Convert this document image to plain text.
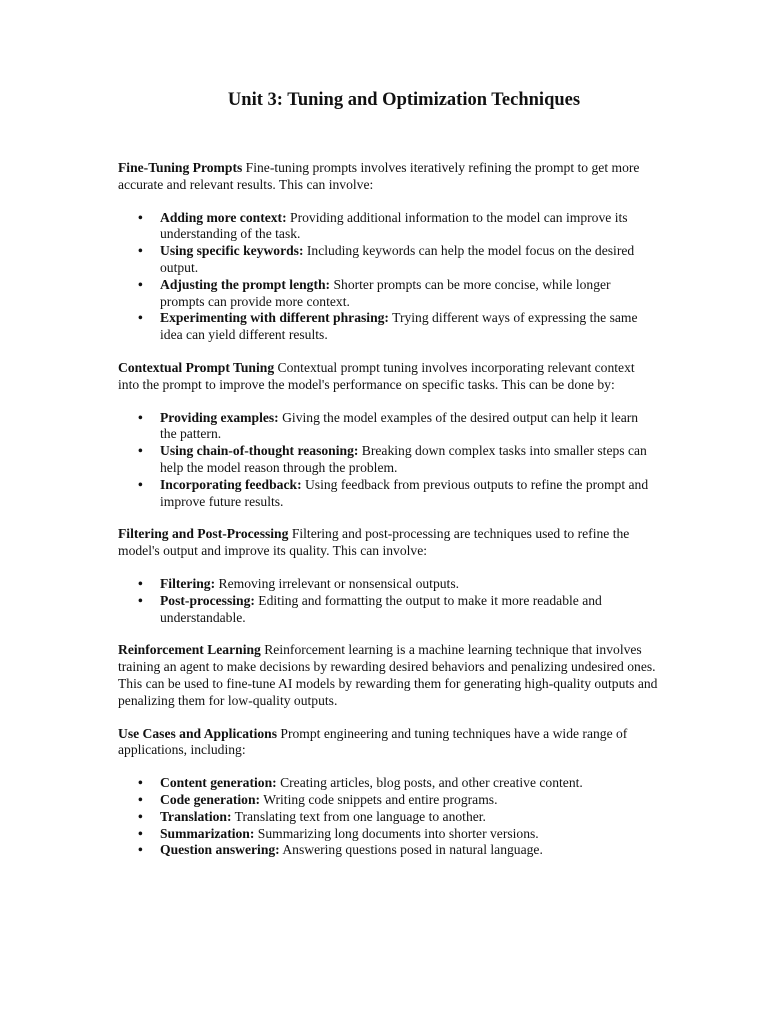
Unit 3: Tuning and Optimization Techniques

Fine-Tuning Prompts Fine-tuning prompts involves iteratively refining the prompt to get more accurate and relevant results. This can involve:

• Adding more context: Providing additional information to the model can improve its understanding of the task.
• Using specific keywords: Including keywords can help the model focus on the desired output.
• Adjusting the prompt length: Shorter prompts can be more concise, while longer prompts can provide more context.
• Experimenting with different phrasing: Trying different ways of expressing the same idea can yield different results.

Contextual Prompt Tuning Contextual prompt tuning involves incorporating relevant context into the prompt to improve the model's performance on specific tasks. This can be done by:

• Providing examples: Giving the model examples of the desired output can help it learn the pattern.
• Using chain-of-thought reasoning: Breaking down complex tasks into smaller steps can help the model reason through the problem.
• Incorporating feedback: Using feedback from previous outputs to refine the prompt and improve future results.

Filtering and Post-Processing Filtering and post-processing are techniques used to refine the model's output and improve its quality. This can involve:

• Filtering: Removing irrelevant or nonsensical outputs.
• Post-processing: Editing and formatting the output to make it more readable and understandable.

Reinforcement Learning Reinforcement learning is a machine learning technique that involves training an agent to make decisions by rewarding desired behaviors and penalizing undesired ones. This can be used to fine-tune AI models by rewarding them for generating high-quality outputs and penalizing them for low-quality outputs.

Use Cases and Applications Prompt engineering and tuning techniques have a wide range of applications, including:

• Content generation: Creating articles, blog posts, and other creative content.
• Code generation: Writing code snippets and entire programs.
• Translation: Translating text from one language to another.
• Summarization: Summarizing long documents into shorter versions.
• Question answering: Answering questions posed in natural language.
